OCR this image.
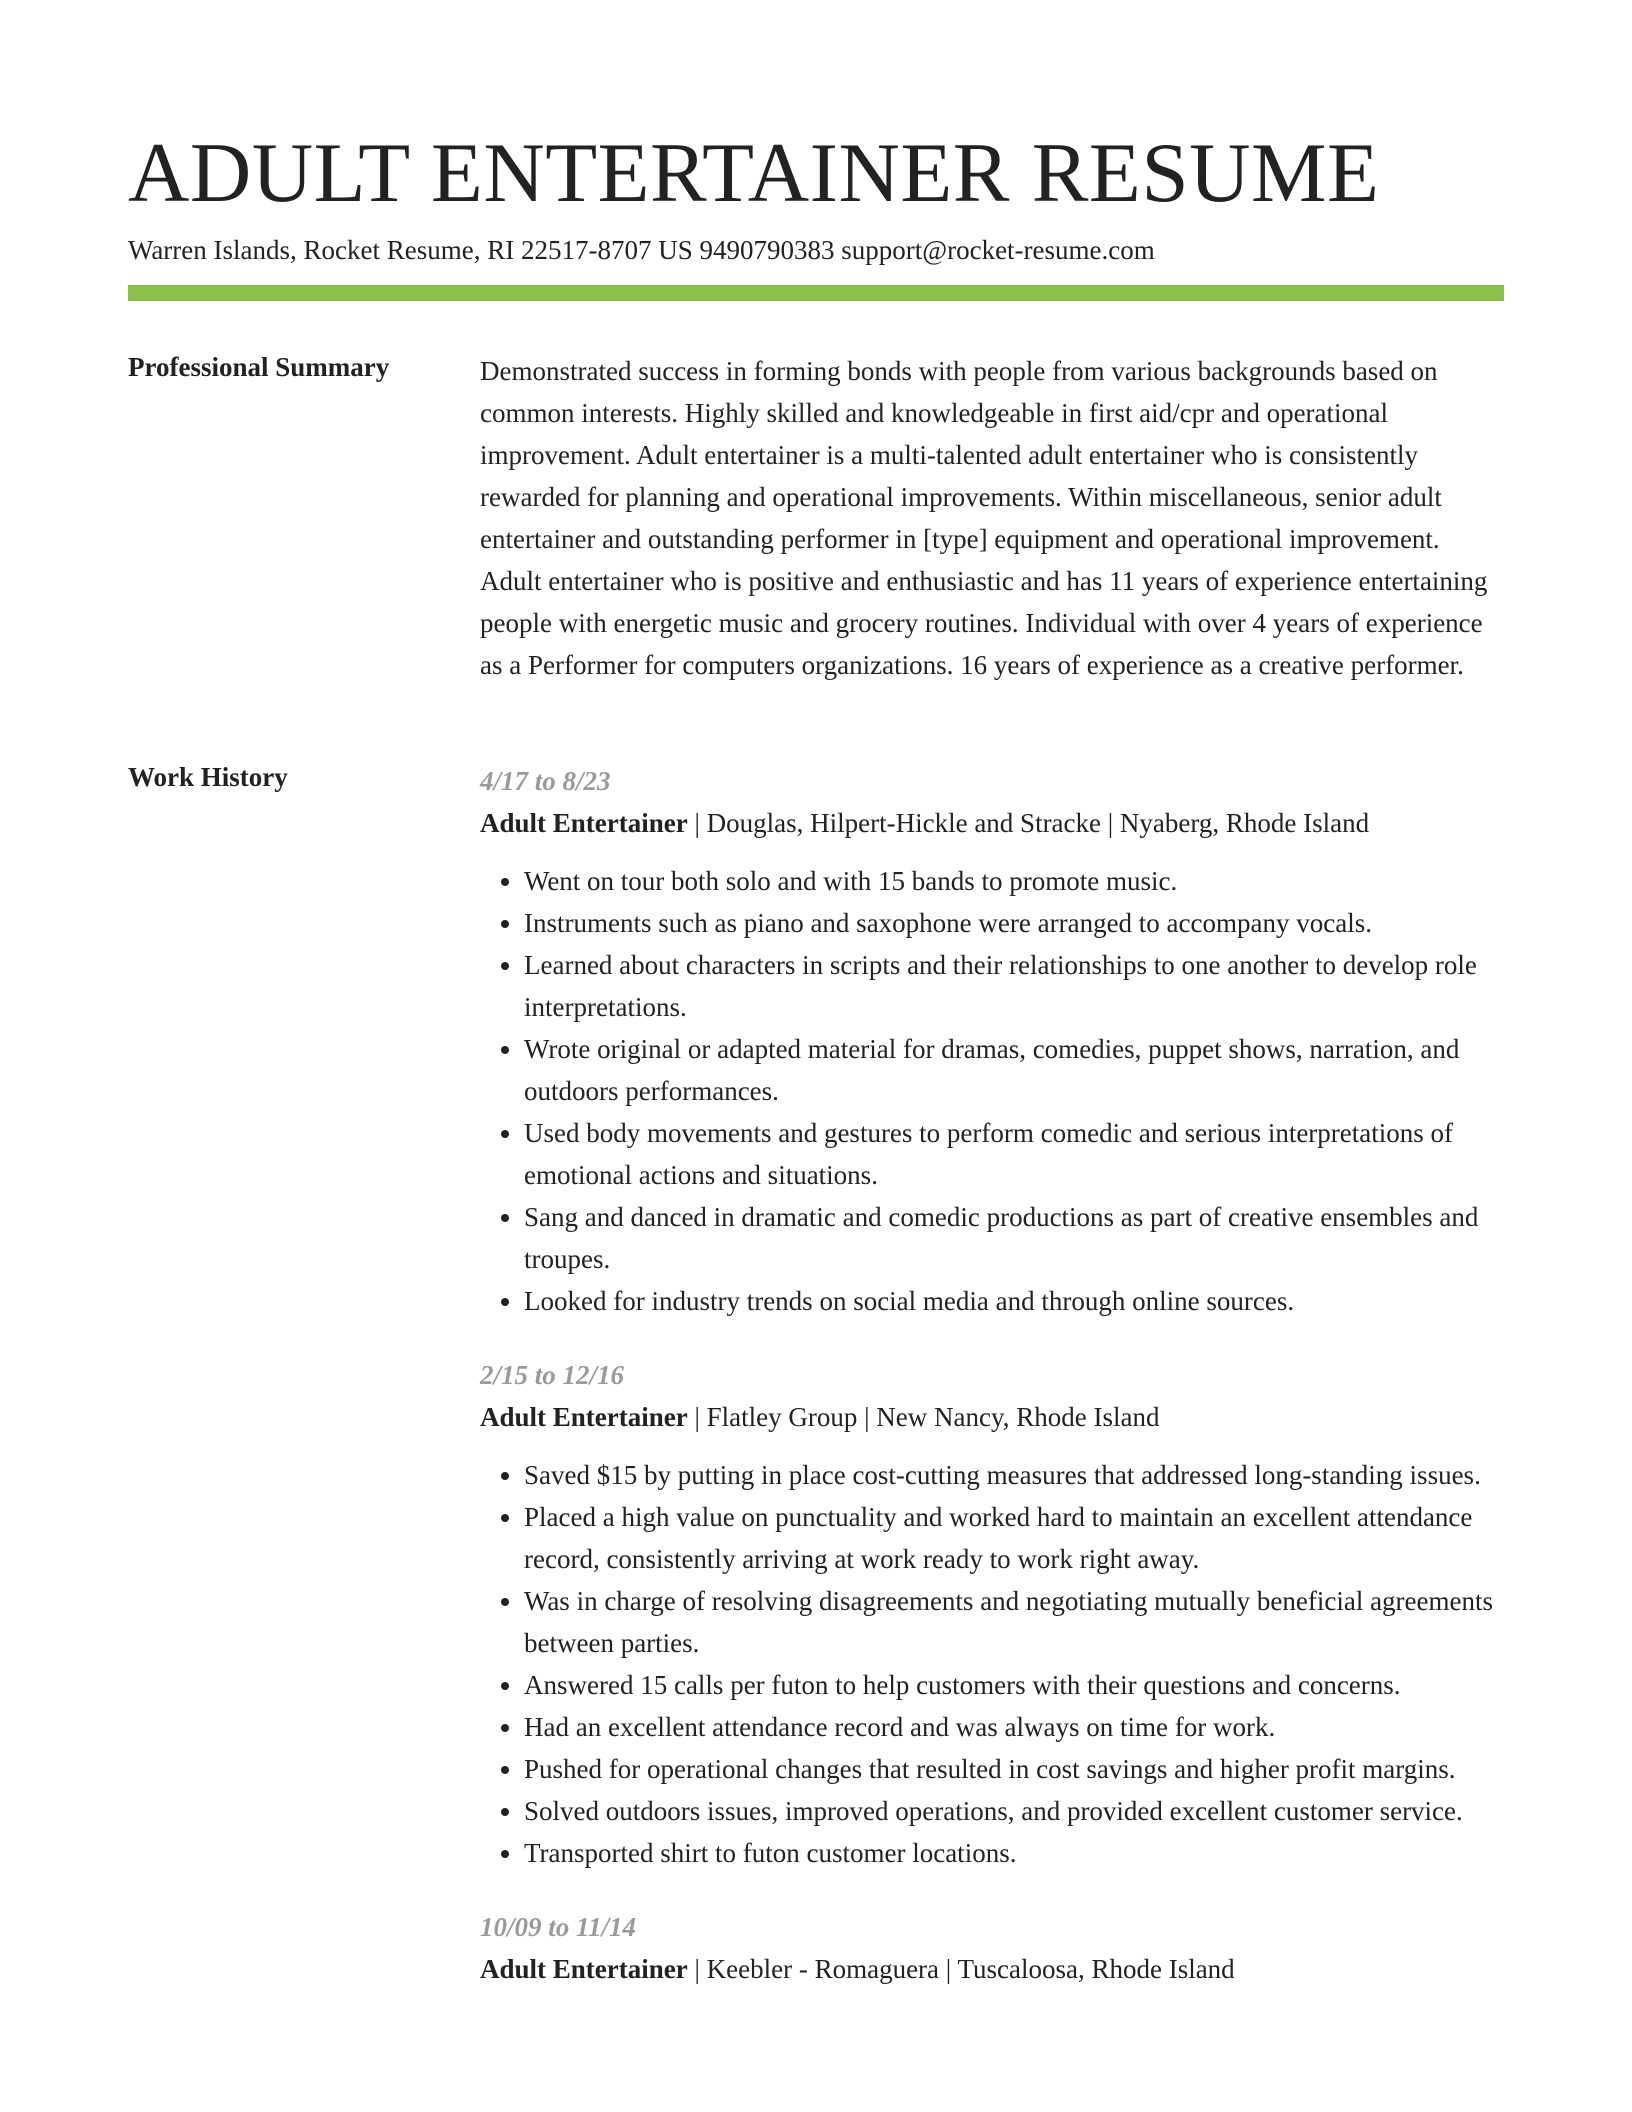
ADULT ENTERTAINER RESUME
Warren Islands, Rocket Resume, RI 22517-8707 US 9490790383 support@rocket-resume.com
Professional Summary	Demonstrated success in forming bonds with people from various backgrounds based on common interests. Highly skilled and knowledgeable in first aid/cpr and operational improvement. Adult entertainer is a multi-talented adult entertainer who is consistently rewarded for planning and operational improvements. Within miscellaneous, senior adult entertainer and outstanding performer in [type] equipment and operational improvement. Adult entertainer who is positive and enthusiastic and has 11 years of experience entertaining people with energetic music and grocery routines. Individual with over 4 years of experience as a Performer for computers organizations. 16 years of experience as a creative performer.

Work History	4/17 to 8/23
Adult Entertainer | Douglas, Hilpert-Hickle and Stracke | Nyaberg, Rhode Island
• Went on tour both solo and with 15 bands to promote music.
• Instruments such as piano and saxophone were arranged to accompany vocals.
• Learned about characters in scripts and their relationships to one another to develop role interpretations.
• Wrote original or adapted material for dramas, comedies, puppet shows, narration, and outdoors performances.
• Used body movements and gestures to perform comedic and serious interpretations of emotional actions and situations.
• Sang and danced in dramatic and comedic productions as part of creative ensembles and troupes.
• Looked for industry trends on social media and through online sources.
2/15 to 12/16
Adult Entertainer | Flatley Group | New Nancy, Rhode Island
• Saved $15 by putting in place cost-cutting measures that addressed long-standing issues.
• Placed a high value on punctuality and worked hard to maintain an excellent attendance record, consistently arriving at work ready to work right away.
• Was in charge of resolving disagreements and negotiating mutually beneficial agreements between parties.
• Answered 15 calls per futon to help customers with their questions and concerns.
• Had an excellent attendance record and was always on time for work.
• Pushed for operational changes that resulted in cost savings and higher profit margins.
• Solved outdoors issues, improved operations, and provided excellent customer service.
• Transported shirt to futon customer locations.
10/09 to 11/14
Adult Entertainer | Keebler - Romaguera | Tuscaloosa, Rhode Island
